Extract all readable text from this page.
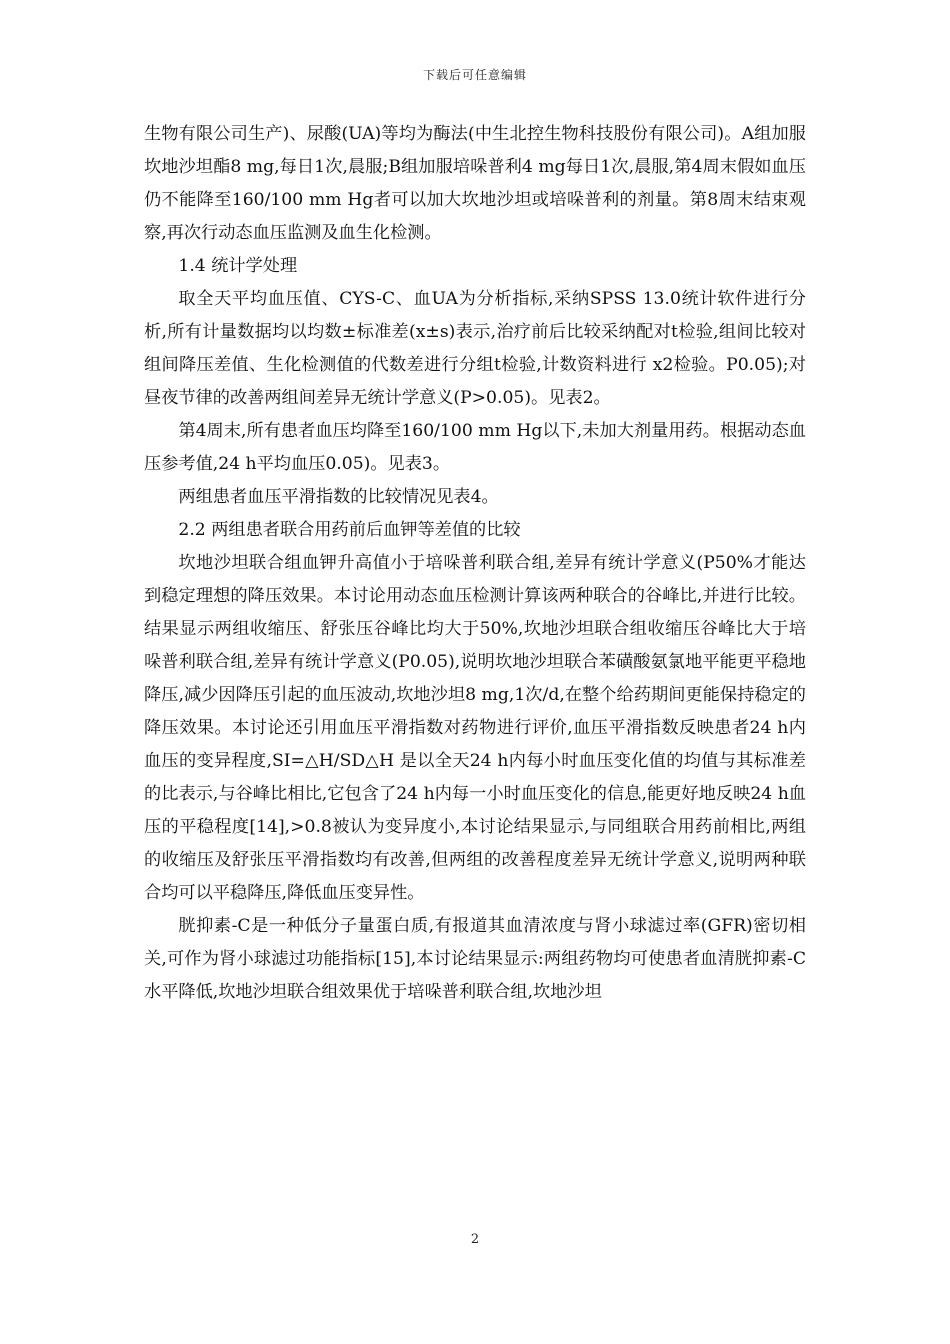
下载后可任意编辑

生物有限公司生产)、尿酸(UA)等均为酶法(中生北控生物科技股份有限公司)。A组加服坎地沙坦酯8 mg,每日1次,晨服;B组加服培哚普利4 mg每日1次,晨服,第4周末假如血压仍不能降至160/100 mm Hg者可以加大坎地沙坦或培哚普利的剂量。第8周末结束观察,再次行动态血压监测及血生化检测。

1.4 统计学处理

取全天平均血压值、CYS-C、血UA为分析指标,采纳SPSS 13.0统计软件进行分析,所有计量数据均以均数±标准差(x±s)表示,治疗前后比较采纳配对t检验,组间比较对组间降压差值、生化检测值的代数差进行分组t检验,计数资料进行 x2检验。P0.05);对昼夜节律的改善两组间差异无统计学意义(P>0.05)。见表2。

第4周末,所有患者血压均降至160/100 mm Hg以下,未加大剂量用药。根据动态血压参考值,24 h平均血压0.05)。见表3。

两组患者血压平滑指数的比较情况见表4。

2.2 两组患者联合用药前后血钾等差值的比较

坎地沙坦联合组血钾升高值小于培哚普利联合组,差异有统计学意义(P50%才能达到稳定理想的降压效果。本讨论用动态血压检测计算该两种联合的谷峰比,并进行比较。结果显示两组收缩压、舒张压谷峰比均大于50%,坎地沙坦联合组收缩压谷峰比大于培哚普利联合组,差异有统计学意义(P0.05),说明坎地沙坦联合苯磺酸氨氯地平能更平稳地降压,减少因降压引起的血压波动,坎地沙坦8 mg,1次/d,在整个给药期间更能保持稳定的降压效果。本讨论还引用血压平滑指数对药物进行评价,血压平滑指数反映患者24 h内血压的变异程度,SI=△H/SD△H 是以全天24 h内每小时血压变化值的均值与其标准差的比表示,与谷峰比相比,它包含了24 h内每一小时血压变化的信息,能更好地反映24 h血压的平稳程度[14],>0.8被认为变异度小,本讨论结果显示,与同组联合用药前相比,两组的收缩压及舒张压平滑指数均有改善,但两组的改善程度差异无统计学意义,说明两种联合均可以平稳降压,降低血压变异性。

胱抑素-C是一种低分子量蛋白质,有报道其血清浓度与肾小球滤过率(GFR)密切相关,可作为肾小球滤过功能指标[15],本讨论结果显示:两组药物均可使患者血清胱抑素-C水平降低,坎地沙坦联合组效果优于培哚普利联合组,坎地沙坦

2
